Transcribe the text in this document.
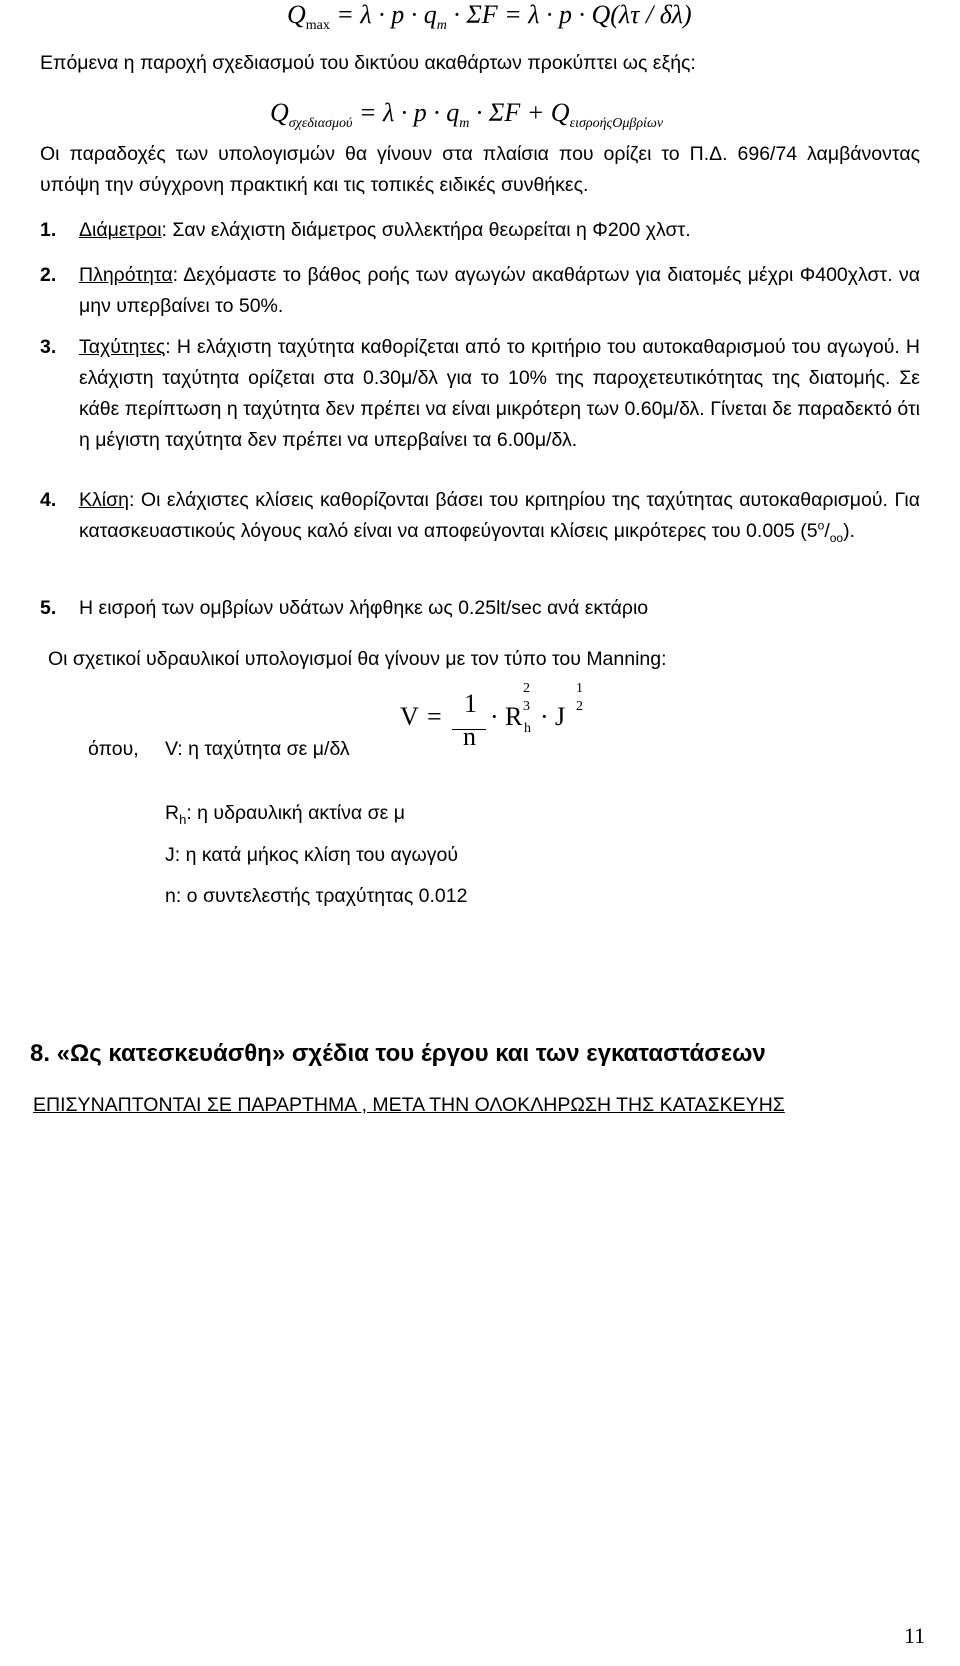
$Q_{max} = \lambda \cdot p \cdot q_m \cdot \Sigma F = \lambda \cdot p \cdot Q(\lambda\tau / \delta\lambda)$
Επόμενα η παροχή σχεδιασμού του δικτύου ακαθάρτων προκύπτει ως εξής:
$Q_{\sigma\chi\varepsilon\delta\iota\alpha\sigma\mu oύ} = \lambda \cdot p \cdot q_m \cdot \Sigma F + Q_{\varepsilon\iota\sigma\rho oή\varsigma O\mu\beta\rho ί\omega\nu}$
Οι παραδοχές των υπολογισμών θα γίνουν στα πλαίσια που ορίζει το Π.Δ. 696/74 λαμβάνοντας υπόψη την σύγχρονη πρακτική και τις τοπικές ειδικές συνθήκες.
1. Διάμετροι: Σαν ελάχιστη διάμετρος συλλεκτήρα θεωρείται η Φ200 χλστ.
2. Πληρότητα: Δεχόμαστε το βάθος ροής των αγωγών ακαθάρτων για διατομές μέχρι Φ400χλστ. να μην υπερβαίνει το 50%.
3. Ταχύτητες: Η ελάχιστη ταχύτητα καθορίζεται από το κριτήριο του αυτοκαθαρισμού του αγωγού. Η ελάχιστη ταχύτητα ορίζεται στα 0.30μ/δλ για το 10% της παροχετευτικότητας της διατομής. Σε κάθε περίπτωση η ταχύτητα δεν πρέπει να είναι μικρότερη των 0.60μ/δλ. Γίνεται δε παραδεκτό ότι η μέγιστη ταχύτητα δεν πρέπει να υπερβαίνει τα 6.00μ/δλ.
4. Κλίση: Οι ελάχιστες κλίσεις καθορίζονται βάσει του κριτηρίου της ταχύτητας αυτοκαθαρισμού. Για κατασκευαστικούς λόγους καλό είναι να αποφεύγονται κλίσεις μικρότερες του 0.005 $(5^o/_{oo})$.
5. Η εισροή των ομβρίων υδάτων λήφθηκε ως 0.25lt/sec ανά εκτάριο
Οι σχετικοί υδραυλικοί υπολογισμοί θα γίνουν με τον τύπο του Manning:
V = 1
n
· R h
2
3 · J
1
2
όπου,	V: η ταχύτητα σε μ/δλ
$R_h$: η υδραυλική ακτίνα σε μ
J: η κατά μήκος κλίση του αγωγού
n: ο συντελεστής τραχύτητας 0.012
8. «Ως κατεσκευάσθη» σχέδια του έργου και των εγκαταστάσεων
ΕΠΙΣΥΝΑΠΤΟΝΤΑΙ ΣΕ ΠΑΡΑΡΤΗΜΑ , ΜΕΤΑ ΤΗΝ ΟΛΟΚΛΗΡΩΣΗ ΤΗΣ ΚΑΤΑΣΚΕΥΗΣ
11
